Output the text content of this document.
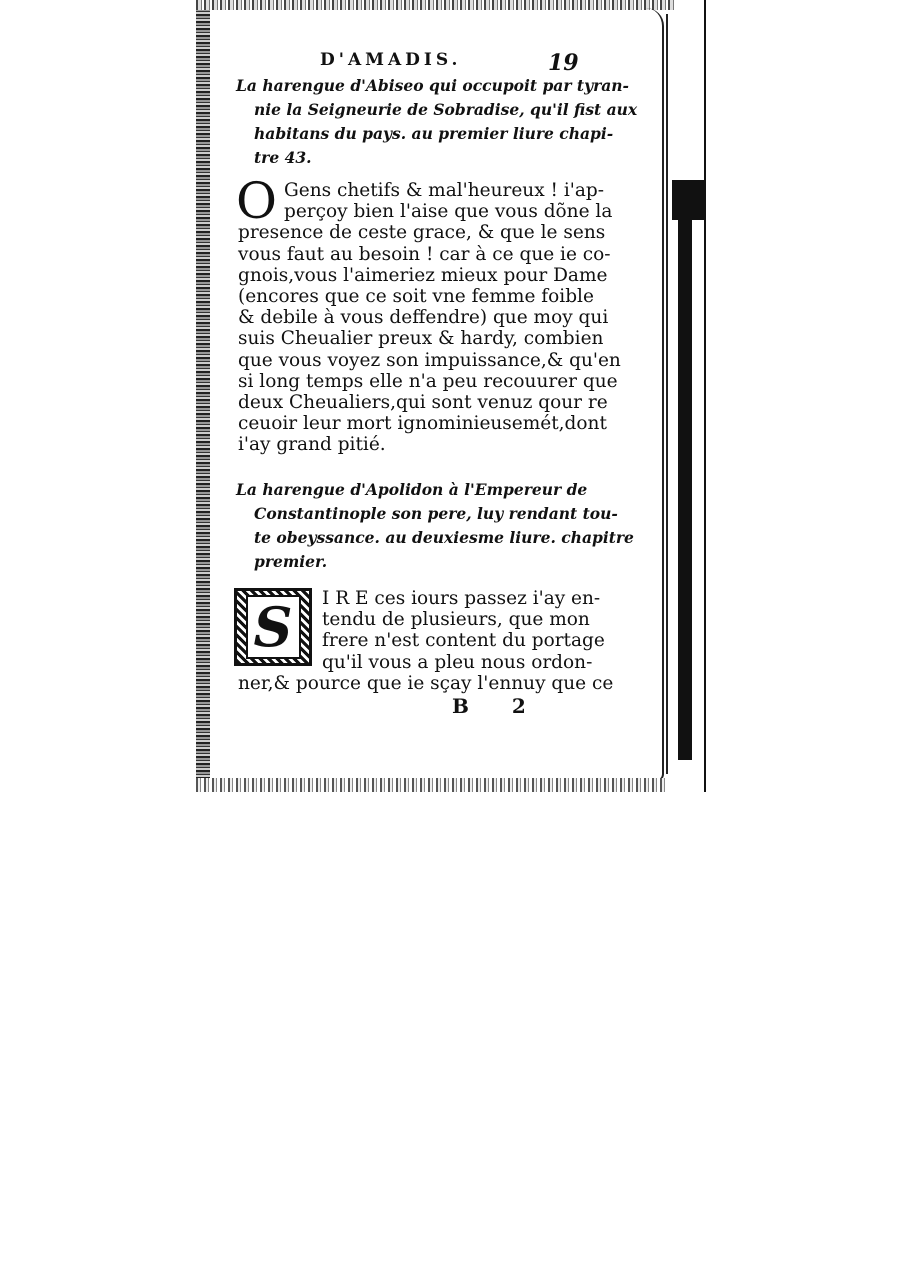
D'AMADIS.	19
La harengue d'Abiseo qui occupoit par tyran-
nie la Seigneurie de Sobradise, qu'il fist aux
habitans du pays. au premier liure chapi-
tre 43.
O Gens chetifs & mal'heureux ! i'ap-
perçoy bien l'aise que vous dõne la
presence de ceste grace, & que le sens
vous faut au besoin ! car à ce que ie co-
gnois,vous l'aimeriez mieux pour Dame
(encores que ce soit vne femme foible
& debile à vous deffendre) que moy qui
suis Cheualier preux & hardy, combien
que vous voyez son impuissance,& qu'en
si long temps elle n'a peu recouurer que
deux Cheualiers,qui sont venuz qour re
ceuoir leur mort ignominieusemét,dont
i'ay grand pitié.
La harengue d'Apolidon à l'Empereur de
Constantinople son pere, luy rendant tou-
te obeyssance. au deuxiesme liure. chapitre
premier.
S	I R E ces iours passez i'ay en-
tendu de plusieurs, que mon
frere n'est content du portage
qu'il vous a pleu nous ordon-
ner,& pource que ie sçay l'ennuy que ce
B 2
